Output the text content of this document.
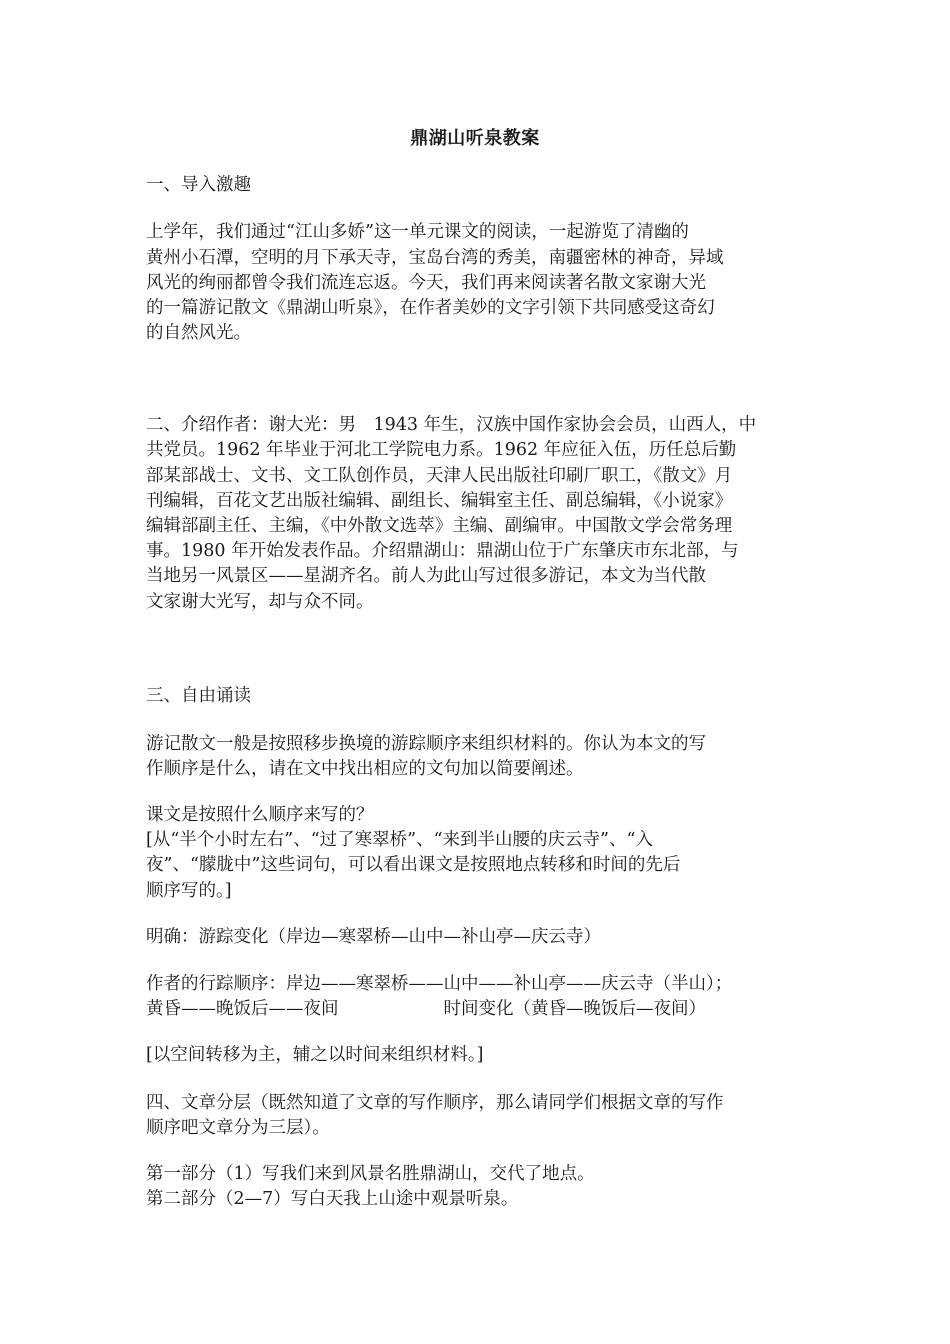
鼎湖山听泉教案
一、导入激趣
上学年，我们通过“江山多娇”这一单元课文的阅读，一起游览了清幽的
黄州小石潭，空明的月下承天寺，宝岛台湾的秀美，南疆密林的神奇，异域
风光的绚丽都曾令我们流连忘返。今天，我们再来阅读著名散文家谢大光
的一篇游记散文《鼎湖山听泉》，在作者美妙的文字引领下共同感受这奇幻
的自然风光。
二、介绍作者：谢大光：男　1943 年生，汉族中国作家协会会员，山西人，中
共党员。1962 年毕业于河北工学院电力系。1962 年应征入伍，历任总后勤
部某部战士、文书、文工队创作员，天津人民出版社印刷厂职工，《散文》月
刊编辑，百花文艺出版社编辑、副组长、编辑室主任、副总编辑，《小说家》
编辑部副主任、主编，《中外散文选萃》主编、副编审。中国散文学会常务理
事。1980 年开始发表作品。介绍鼎湖山：鼎湖山位于广东肇庆市东北部，与
当地另一风景区——星湖齐名。前人为此山写过很多游记，本文为当代散
文家谢大光写，却与众不同。
三、自由诵读
游记散文一般是按照移步换境的游踪顺序来组织材料的。你认为本文的写
作顺序是什么，请在文中找出相应的文句加以简要阐述。
课文是按照什么顺序来写的？
[从“半个小时左右”、“过了寒翠桥”、“来到半山腰的庆云寺”、“入
夜”、“朦胧中”这些词句，可以看出课文是按照地点转移和时间的先后
顺序写的。]
明确：游踪变化（岸边—寒翠桥—山中—补山亭—庆云寺）
作者的行踪顺序：岸边——寒翠桥——山中——补山亭——庆云寺（半山）；
黄昏——晚饭后——夜间　　　　　　时间变化（黄昏—晚饭后—夜间）
[以空间转移为主，辅之以时间来组织材料。]
四、文章分层（既然知道了文章的写作顺序，那么请同学们根据文章的写作
顺序吧文章分为三层）。
第一部分（1）写我们来到风景名胜鼎湖山，交代了地点。
第二部分（2—7）写白天我上山途中观景听泉。
